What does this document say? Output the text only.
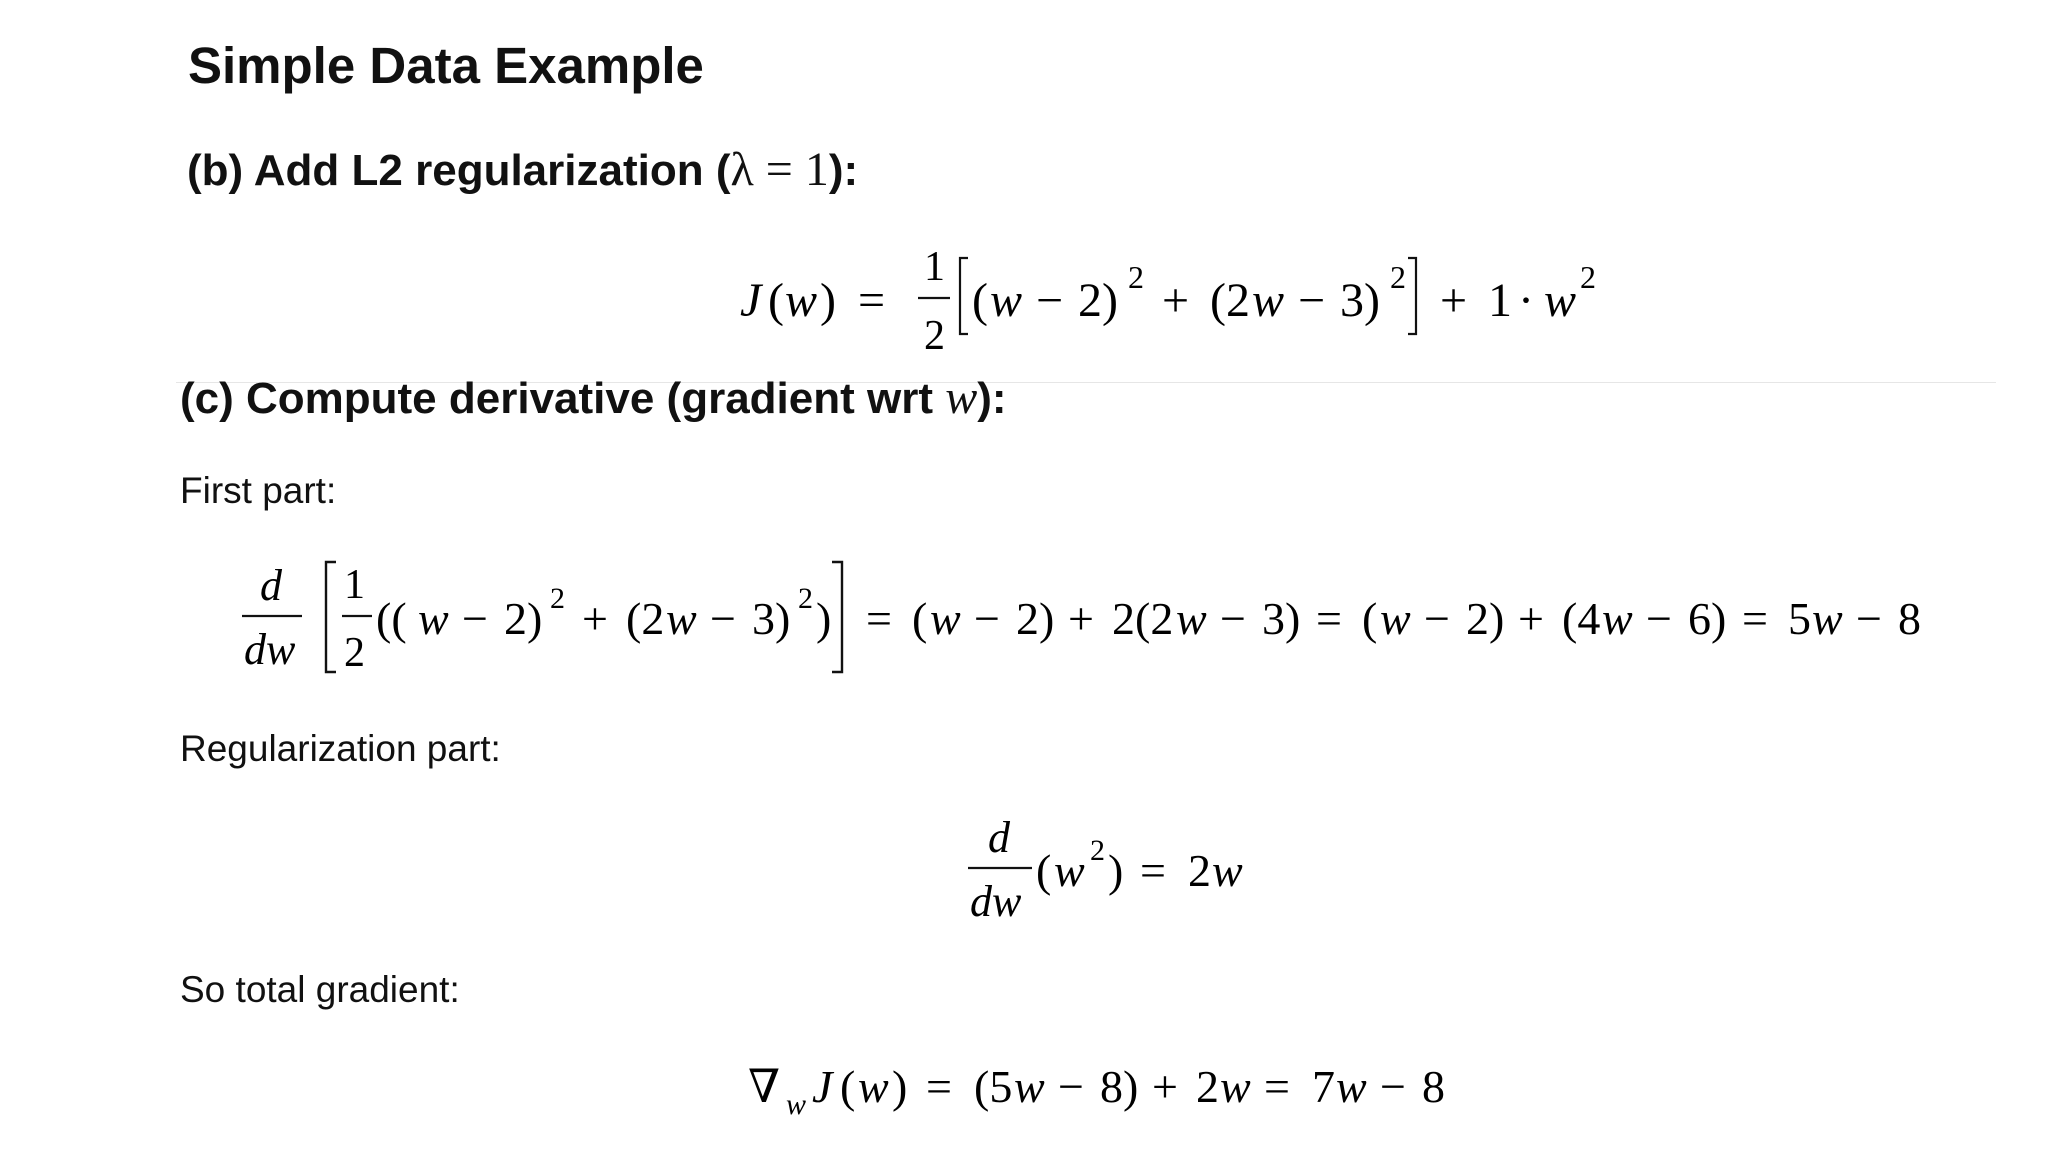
Simple Data Example
(b) Add L2 regularization (λ = 1):
J ( w ) =
1
2
( w − 2) 2 + (2 w − 3) 2 + 1 · w 2
(c) Compute derivative (gradient wrt w):
First part:
d
dw
1
2
(( w − 2) 2 + (2 w − 3) 2 ) = ( w − 2) + 2(2 w − 3) = ( w − 2) + (4 w − 6) = 5 w − 8
Regularization part:
d
dw
( w 2 ) = 2 w
So total gradient:
∇ w J ( w ) = (5 w − 8) + 2 w = 7 w − 8
